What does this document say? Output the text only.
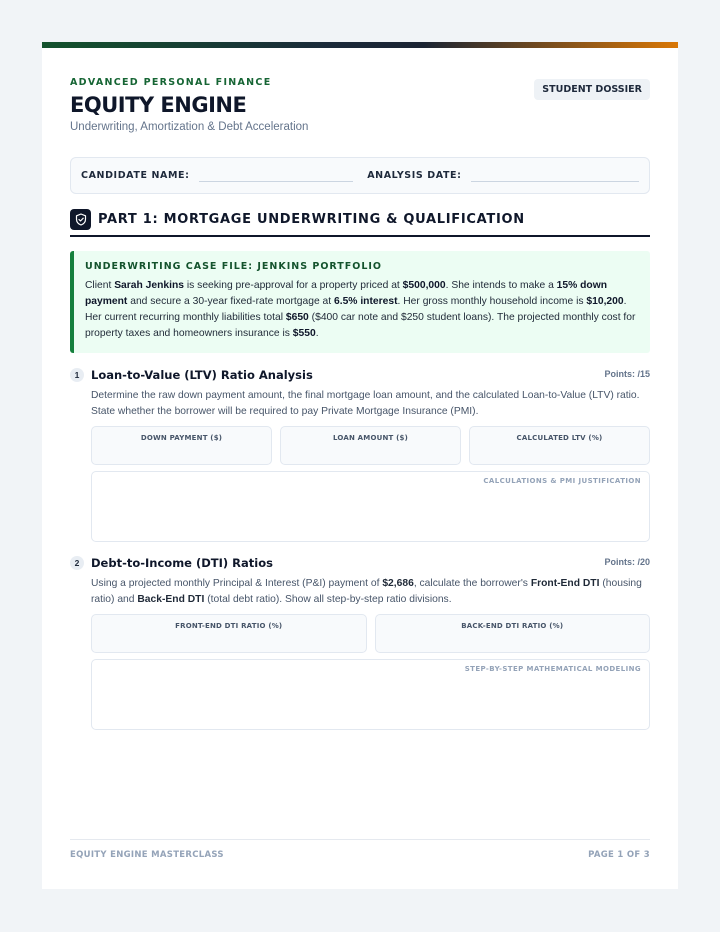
ADVANCED PERSONAL FINANCE
EQUITY ENGINE
Underwriting, Amortization & Debt Acceleration
STUDENT DOSSIER
CANDIDATE NAME:	ANALYSIS DATE:
PART 1: MORTGAGE UNDERWRITING & QUALIFICATION
UNDERWRITING CASE FILE: JENKINS PORTFOLIO
Client Sarah Jenkins is seeking pre-approval for a property priced at $500,000. She intends to make a 15% down payment and secure a 30-year fixed-rate mortgage at 6.5% interest. Her gross monthly household income is $10,200. Her current recurring monthly liabilities total $650 ($400 car note and $250 student loans). The projected monthly cost for property taxes and homeowners insurance is $550.
1	Loan-to-Value (LTV) Ratio Analysis	Points: /15
Determine the raw down payment amount, the final mortgage loan amount, and the calculated Loan-to-Value (LTV) ratio. State whether the borrower will be required to pay Private Mortgage Insurance (PMI).
DOWN PAYMENT ($)	LOAN AMOUNT ($)	CALCULATED LTV (%)
CALCULATIONS & PMI JUSTIFICATION
2	Debt-to-Income (DTI) Ratios	Points: /20
Using a projected monthly Principal & Interest (P&I) payment of $2,686, calculate the borrower's Front-End DTI (housing ratio) and Back-End DTI (total debt ratio). Show all step-by-step ratio divisions.
FRONT-END DTI RATIO (%)	BACK-END DTI RATIO (%)
STEP-BY-STEP MATHEMATICAL MODELING
EQUITY ENGINE MASTERCLASS	PAGE 1 OF 3
